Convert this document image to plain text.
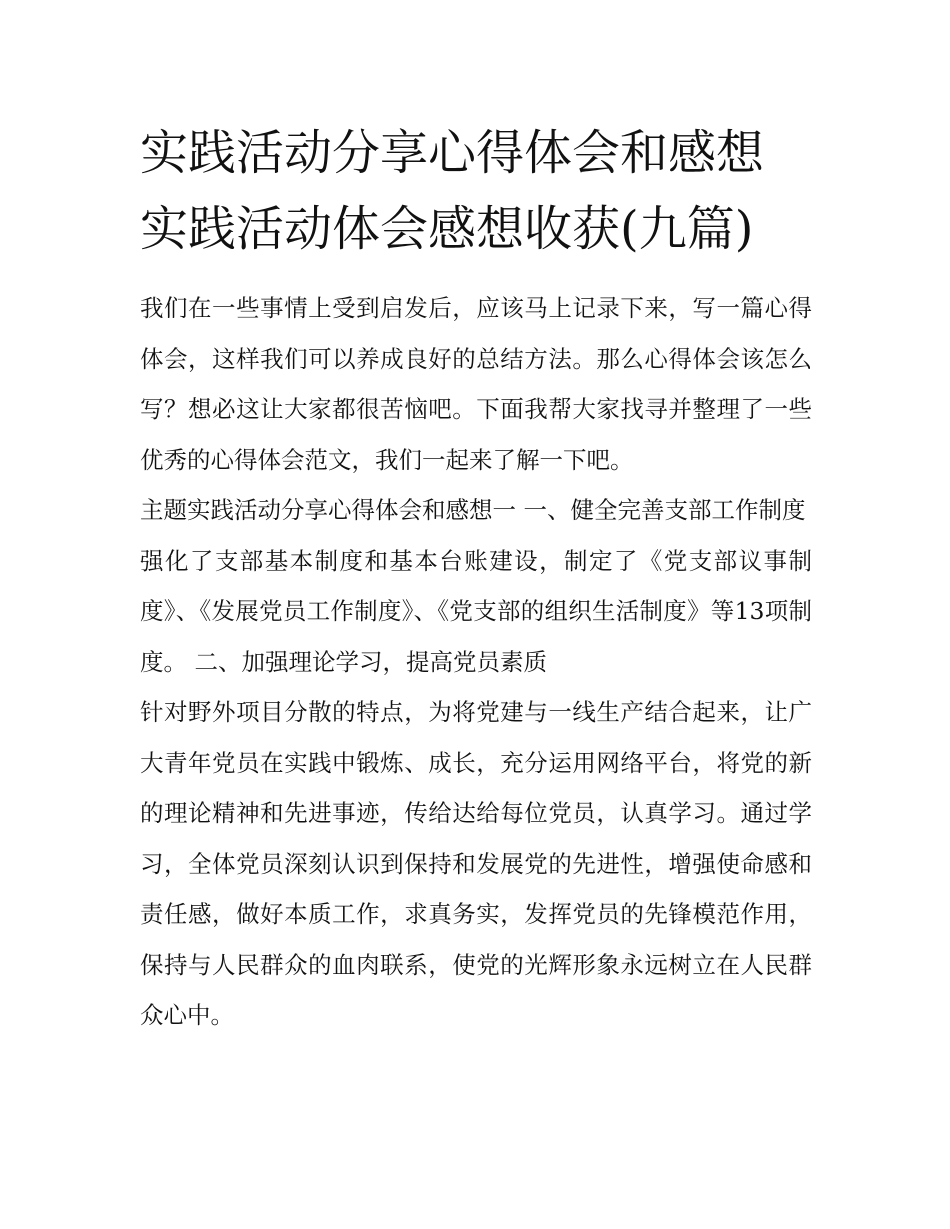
实践活动分享心得体会和感想
实践活动体会感想收获(九篇)

我们在一些事情上受到启发后，应该马上记录下来，写一篇心得体会，这样我们可以养成良好的总结方法。那么心得体会该怎么写？想必这让大家都很苦恼吧。下面我帮大家找寻并整理了一些优秀的心得体会范文，我们一起来了解一下吧。

主题实践活动分享心得体会和感想一 一、健全完善支部工作制度

强化了支部基本制度和基本台账建设，制定了《党支部议事制度》、《发展党员工作制度》、《党支部的组织生活制度》等13项制度。 二、加强理论学习，提高党员素质

针对野外项目分散的特点，为将党建与一线生产结合起来，让广大青年党员在实践中锻炼、成长，充分运用网络平台，将党的新的理论精神和先进事迹，传给达给每位党员，认真学习。通过学习，全体党员深刻认识到保持和发展党的先进性，增强使命感和责任感，做好本质工作，求真务实，发挥党员的先锋模范作用，保持与人民群众的血肉联系，使党的光辉形象永远树立在人民群众心中。
